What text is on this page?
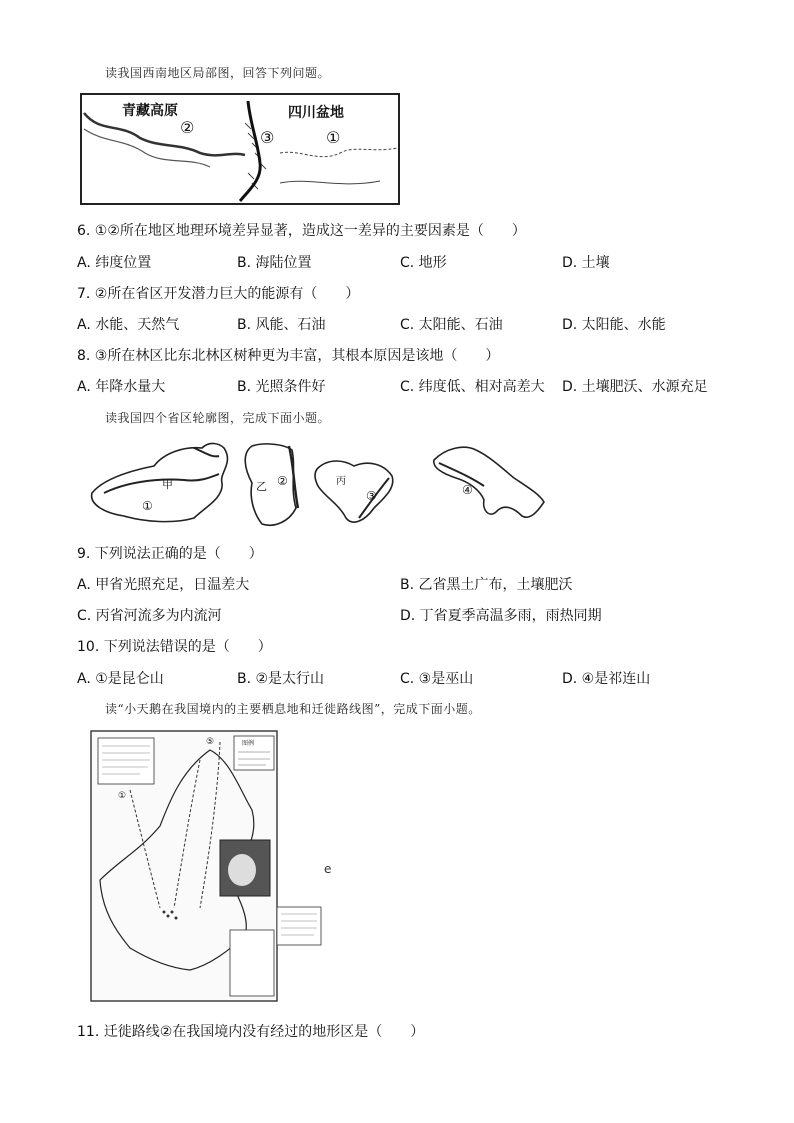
读我国西南地区局部图，回答下列问题。
青藏高原	四川盆地
②
③	①
6. ①②所在地区地理环境差异显著，造成这一差异的主要因素是（　　）
A. 纬度位置	B. 海陆位置	C. 地形	D. 土壤
7. ②所在省区开发潜力巨大的能源有（　　）
A. 水能、天然气	B. 风能、石油	C. 太阳能、石油	D. 太阳能、水能
8. ③所在林区比东北林区树种更为丰富，其根本原因是该地（　　）
A. 年降水量大	B. 光照条件好	C. 纬度低、相对高差大 D. 土壤肥沃、水源充足
读我国四个省区轮廓图，完成下面小题。
甲
①
乙 ②	丙
③	④
9. 下列说法正确的是（　　）
A. 甲省光照充足，日温差大	B. 乙省黑土广布，土壤肥沃
C. 丙省河流多为内流河	D. 丁省夏季高温多雨，雨热同期
10. 下列说法错误的是（　　）
A. ①是昆仑山	B. ②是太行山	C. ③是巫山	D. ④是祁连山
读“小天鹅在我国境内的主要栖息地和迁徙路线图”，完成下面小题。
图例
①
⑤
e
11. 迁徙路线②在我国境内没有经过的地形区是（　　）
